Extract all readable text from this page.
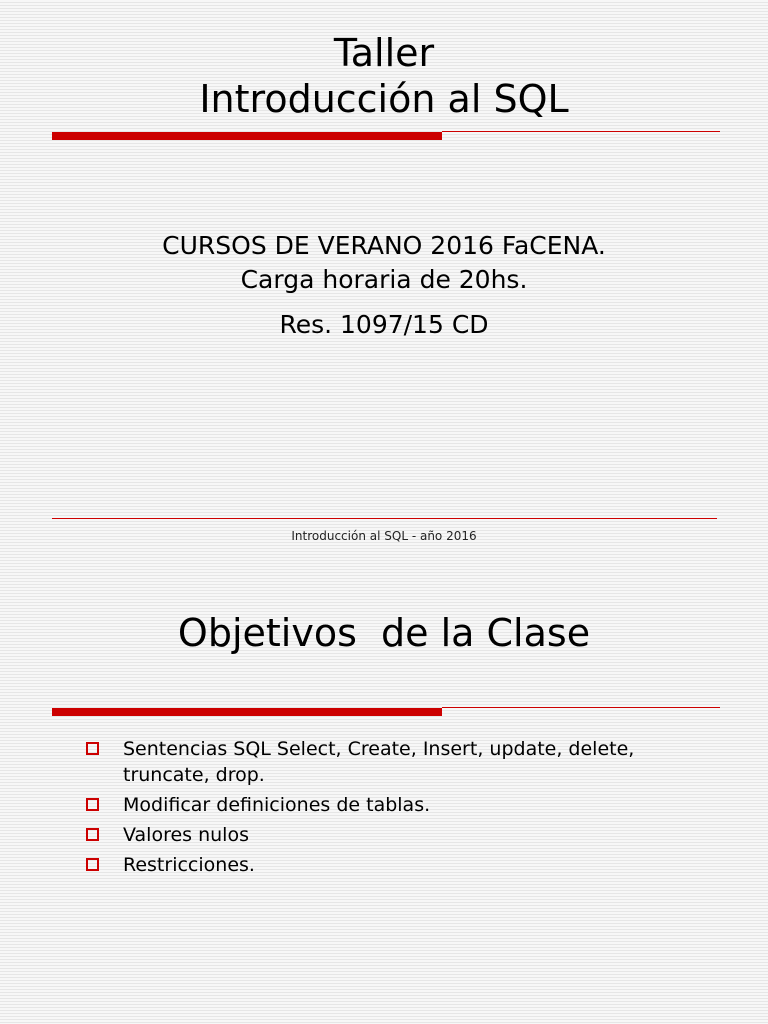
Taller
Introducción al SQL
CURSOS DE VERANO 2016 FaCENA.
Carga horaria de 20hs.
Res. 1097/15 CD
Introducción al SQL - año 2016
Objetivos  de la Clase
Sentencias SQL Select, Create, Insert, update, delete, truncate, drop.
Modificar definiciones de tablas.
Valores nulos
Restricciones.
